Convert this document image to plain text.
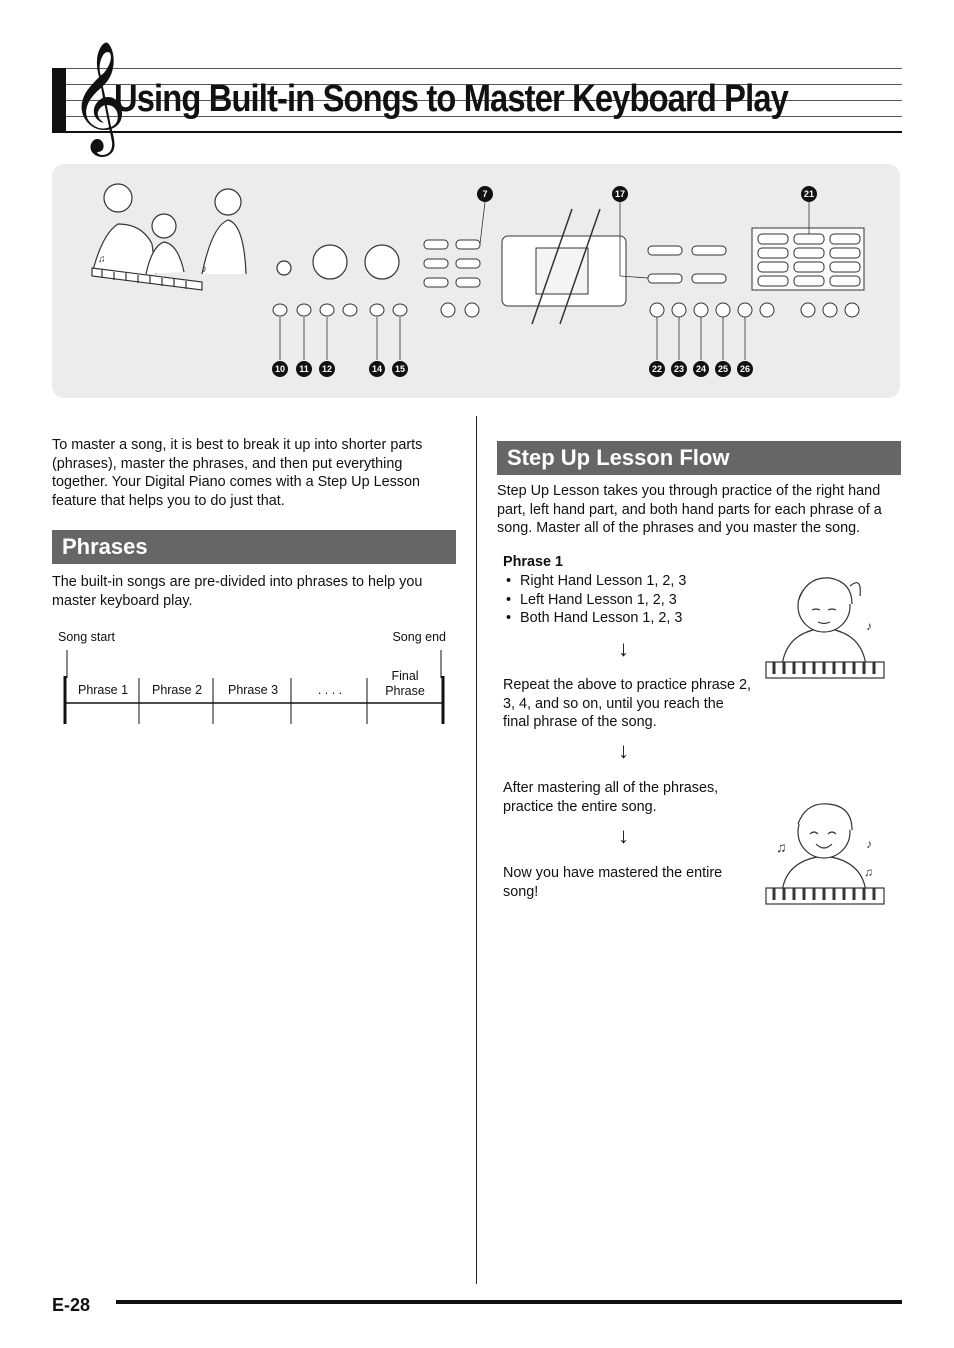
𝄞
Using Built-in Songs to Master Keyboard Play
♫
♪
7	17	21
10 11 12	14 15	22 23 24 25 26
To master a song, it is best to break it up into shorter parts (phrases), master the phrases, and then put everything together. Your Digital Piano comes with a Step Up Lesson feature that helps you to do just that.
Phrases
The built-in songs are pre-divided into phrases to help you master keyboard play.
Song start	Song end
Phrase 1	Phrase 2	Phrase 3	. . . .
Final Phrase
Step Up Lesson Flow
Step Up Lesson takes you through practice of the right hand part, left hand part, and both hand parts for each phrase of a song. Master all of the phrases and you master the song.
Phrase 1
• Right Hand Lesson 1, 2, 3
• Left Hand Lesson 1, 2, 3
• Both Hand Lesson 1, 2, 3
↓
Repeat the above to practice phrase 2, 3, 4, and so on, until you reach the final phrase of the song.
↓
After mastering all of the phrases, practice the entire song.
↓
Now you have mastered the entire song!
♪
♫	♪
♫
E-28
